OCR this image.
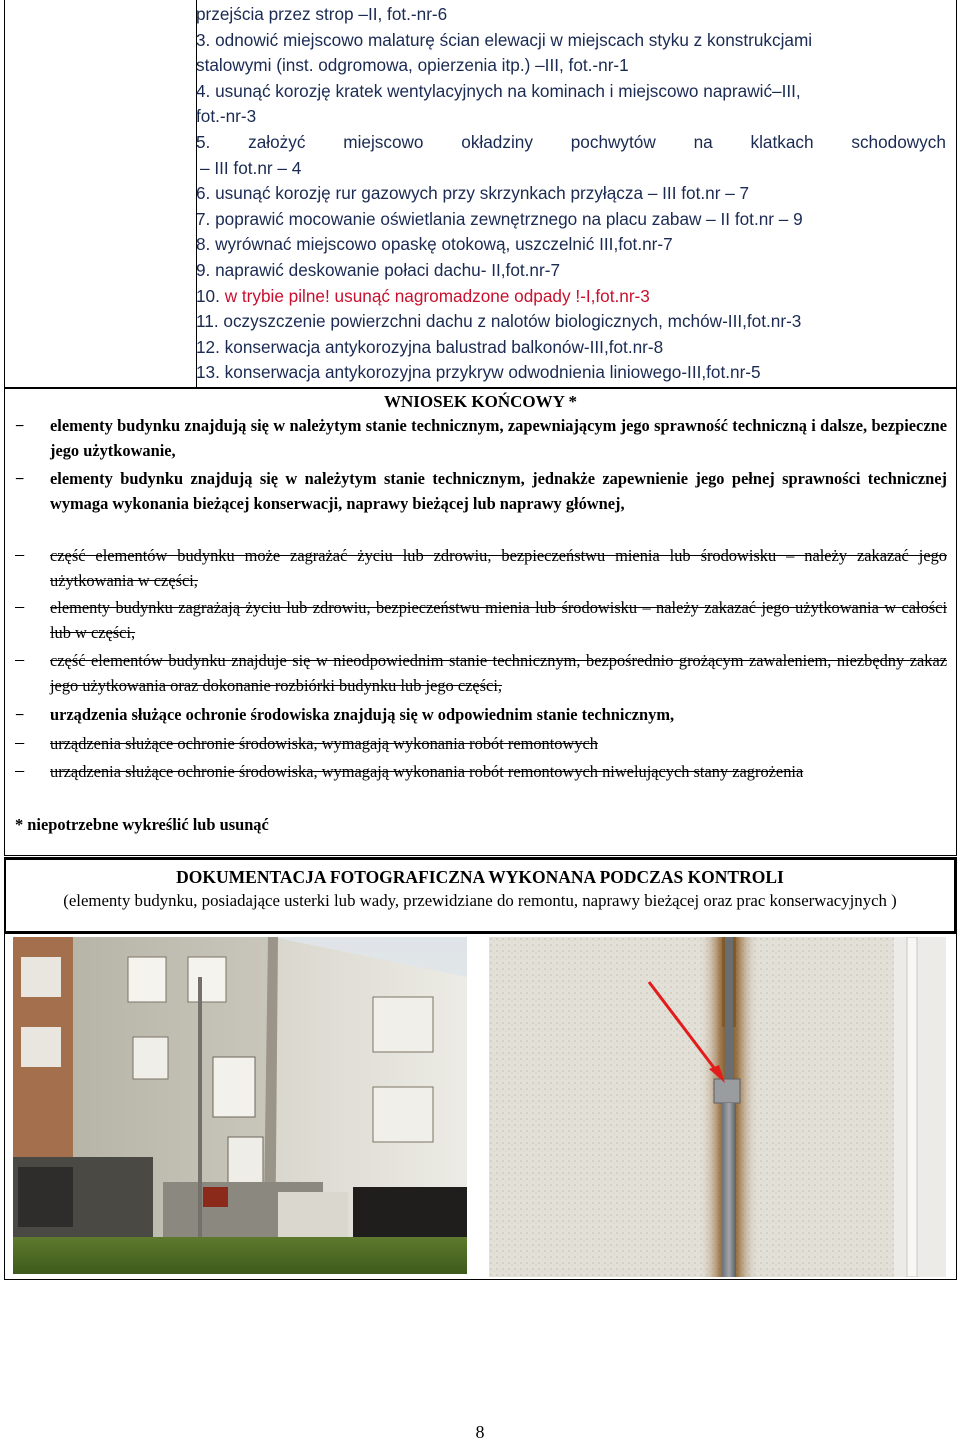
przejścia przez strop –II, fot.-nr-6
3. odnowić miejscowo malaturę ścian elewacji w miejscach styku z konstrukcjami
stalowymi (inst. odgromowa, opierzenia itp.) –III, fot.-nr-1
4. usunąć korozję kratek wentylacyjnych na kominach i miejscowo naprawić–III,
fot.-nr-3
5. założyć miejscowo okładziny pochwytów na klatkach schodowych
– III fot.nr – 4
6. usunąć korozję rur gazowych przy skrzynkach przyłącza – III fot.nr – 7
7. poprawić mocowanie oświetlania zewnętrznego na placu zabaw – II fot.nr – 9
8. wyrównać miejscowo opaskę otokową, uszczelnić III,fot.nr-7
9. naprawić deskowanie połaci dachu- II,fot.nr-7
10. w trybie pilne! usunąć nagromadzone odpady !-I,fot.nr-3
11. oczyszczenie powierzchni dachu z nalotów biologicznych, mchów-III,fot.nr-3
12. konserwacja antykorozyjna balustrad balkonów-III,fot.nr-8
13. konserwacja antykorozyjna przykryw odwodnienia liniowego-III,fot.nr-5
WNIOSEK KOŃCOWY *
− elementy budynku znajdują się w należytym stanie technicznym, zapewniającym jego sprawność techniczną i dalsze, bezpieczne jego użytkowanie,
− elementy budynku znajdują się w należytym stanie technicznym, jednakże zapewnienie jego pełnej sprawności technicznej wymaga wykonania bieżącej konserwacji, naprawy bieżącej lub naprawy głównej,
− część elementów budynku może zagrażać życiu lub zdrowiu, bezpieczeństwu mienia lub środowisku – należy zakazać jego użytkowania w części,
− elementy budynku zagrażają życiu lub zdrowiu, bezpieczeństwu mienia lub środowisku – należy zakazać jego użytkowania w całości lub w części,
− część elementów budynku znajduje się w nieodpowiednim stanie technicznym, bezpośrednio grożącym zawaleniem, niezbędny zakaz jego użytkowania oraz dokonanie rozbiórki budynku lub jego części,
− urządzenia służące ochronie środowiska znajdują się w odpowiednim stanie technicznym,
− urządzenia służące ochronie środowiska, wymagają wykonania robót remontowych
− urządzenia służące ochronie środowiska, wymagają wykonania robót remontowych niwelujących stany zagrożenia
* niepotrzebne wykreślić lub usunąć
DOKUMENTACJA FOTOGRAFICZNA WYKONANA PODCZAS KONTROLI
(elementy budynku, posiadające usterki lub wady, przewidziane do remontu, naprawy bieżącej oraz prac konserwacyjnych )
8
